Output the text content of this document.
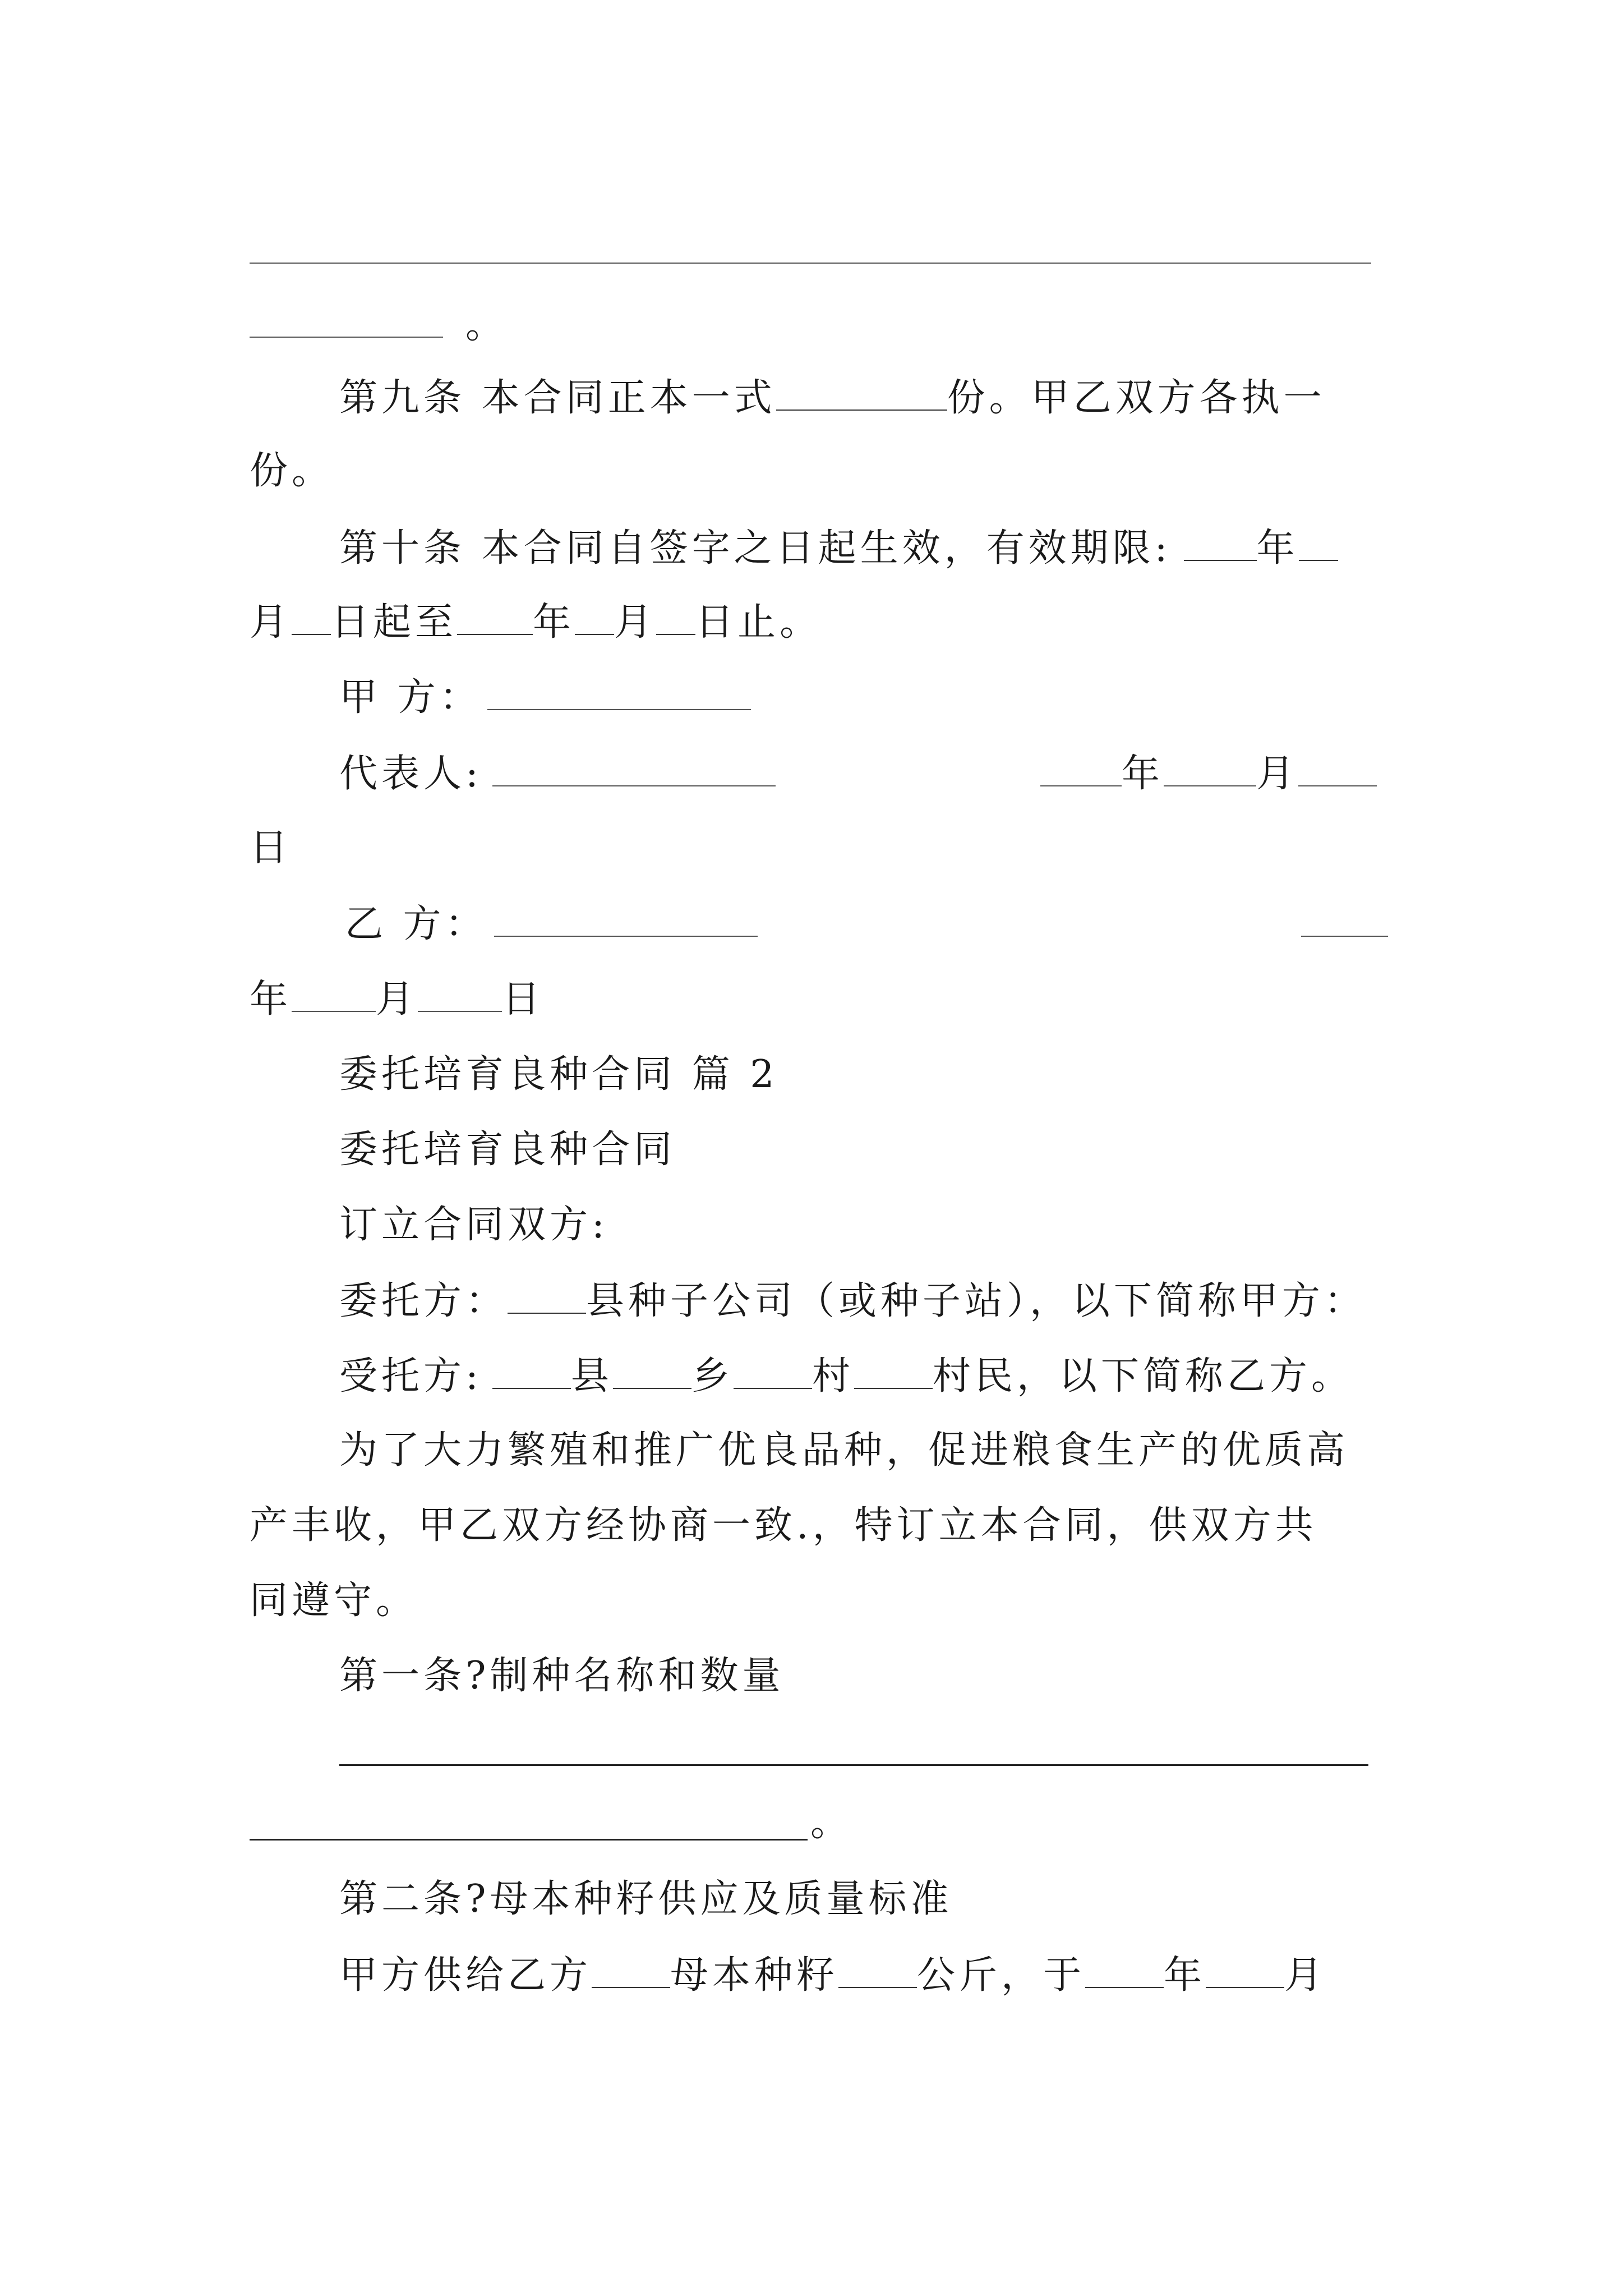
。
第九条 本合同正本一式	份。甲乙双方各执一
份。
第十条 本合同自签字之日起生效，有效期限: 年
月 日起至 年 月 日止。
甲 方：
代表人:	年 月
日
乙 方：
年 月 日
委托培育良种合同 篇 2
委托培育良种合同
订立合同双方:
委托方： 县种子公司（或种子站），以下简称甲方：
受托方: 县 乡 村 村民，以下简称乙方。
为了大力繁殖和推广优良品种，促进粮食生产的优质高
产丰收，甲乙双方经协商一致.，特订立本合同，供双方共
同遵守。
第一条?制种名称和数量
。
第二条?母本种籽供应及质量标准
甲方供给乙方 母本种籽 公斤，于 年 月
